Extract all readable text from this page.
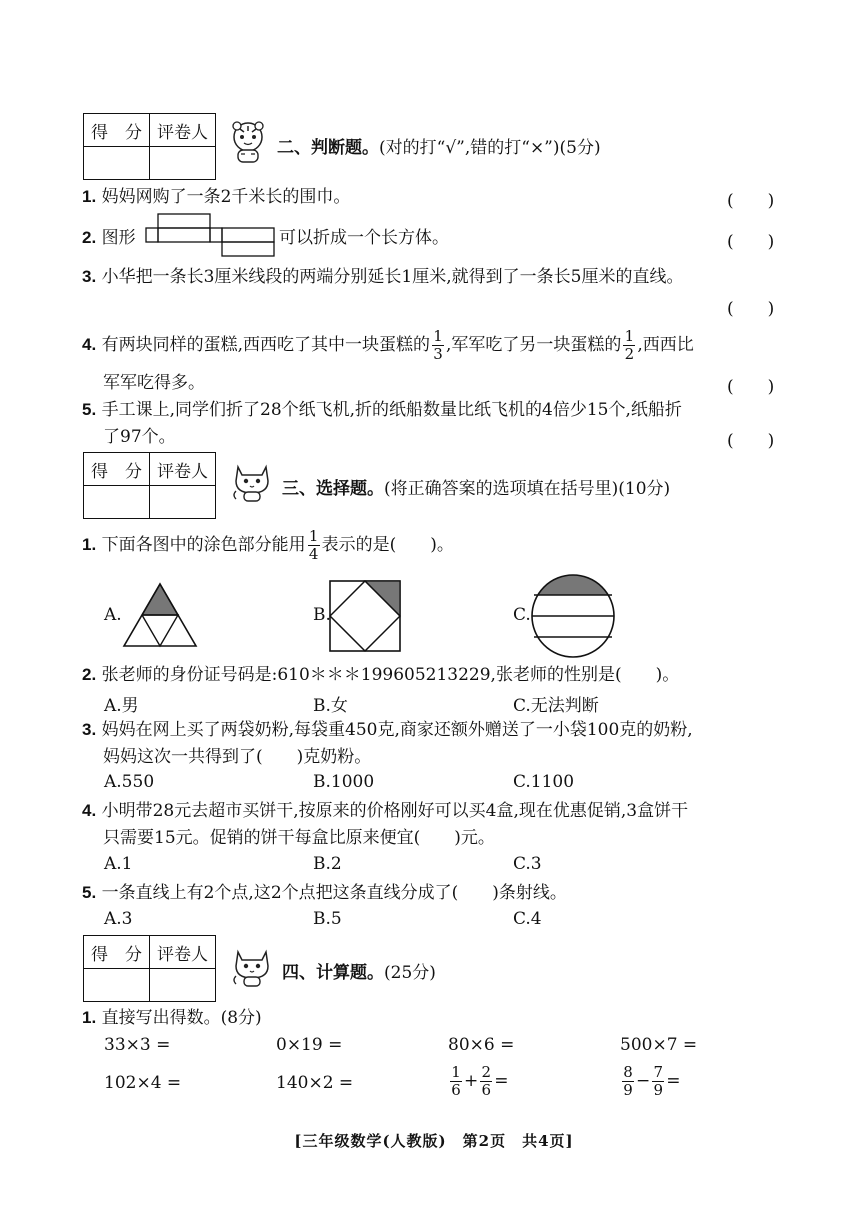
得　分	评卷人

二、判断题。(对的打“√”,错的打“×”)(5分)
1. 妈妈网购了一条2千米长的围巾。	(　　)
2. 图形	可以折成一个长方体。	(　　)
3. 小华把一条长3厘米线段的两端分别延长1厘米,就得到了一条长5厘米的直线。
(　　)
4. 有两块同样的蛋糕,西西吃了其中一块蛋糕的 $\frac{1}{3}$ ,军军吃了另一块蛋糕的 $\frac{1}{2}$ ,西西比
军军吃得多。	(　　)
5. 手工课上,同学们折了28个纸飞机,折的纸船数量比纸飞机的4倍少15个,纸船折
了97个。	(　　)
得　分	评卷人

三、选择题。(将正确答案的选项填在括号里)(10分)
1. 下面各图中的涂色部分能用 $\frac{1}{4}$ 表示的是(　　)。
A.	B.	C.
2. 张老师的身份证号码是:610＊＊＊199605213229,张老师的性别是(　　)。
A.男	B.女	C.无法判断
3. 妈妈在网上买了两袋奶粉,每袋重450克,商家还额外赠送了一小袋100克的奶粉,
妈妈这次一共得到了(　　)克奶粉。
A.550	B.1000	C.1100
4. 小明带28元去超市买饼干,按原来的价格刚好可以买4盒,现在优惠促销,3盒饼干
只需要15元。促销的饼干每盒比原来便宜(　　)元。
A.1	B.2	C.3
5. 一条直线上有2个点,这2个点把这条直线分成了(　　)条射线。
A.3	B.5	C.4
得　分	评卷人

四、计算题。(25分)
1. 直接写出得数。(8分)
33×3 =	0×19 =	80×6 =	500×7 =
102×4 =	140×2 =	$\frac{1}{6} + \frac{2}{6}$ =	$\frac{8}{9} - \frac{7}{9}$ =
[三年级数学(人教版)　第2页　共4页]
